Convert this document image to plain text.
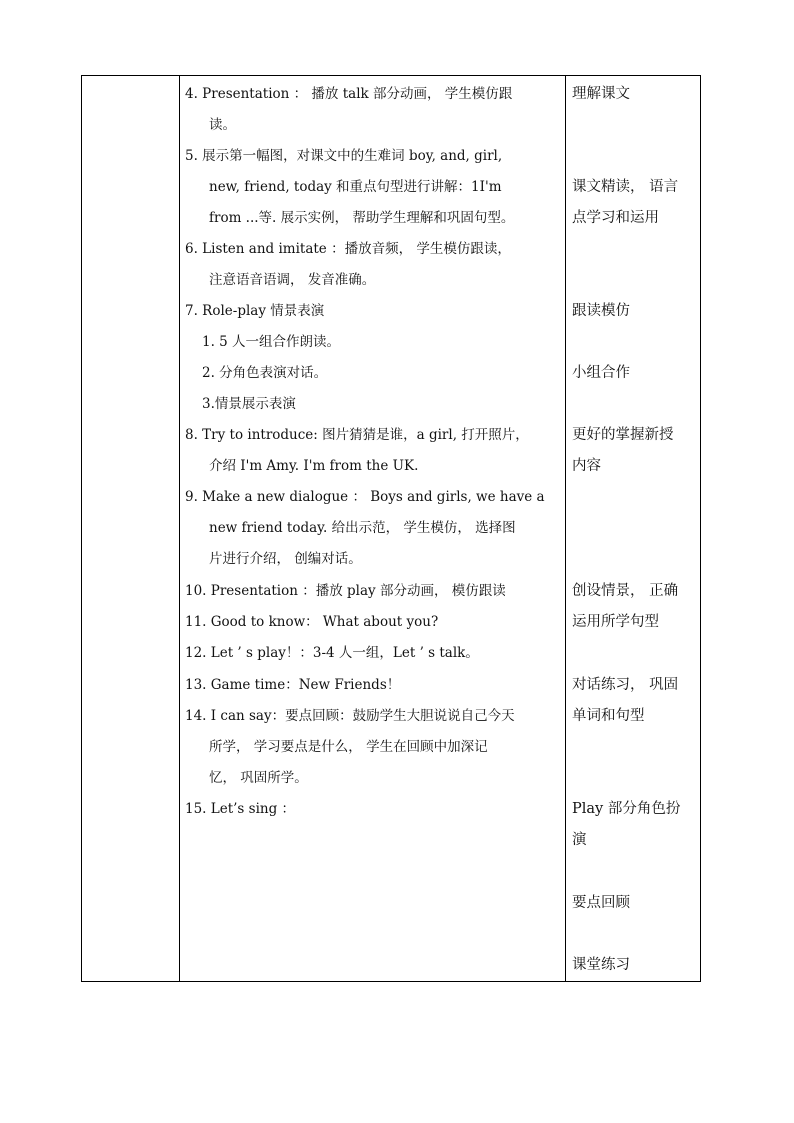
4. Presentation ： 播放 talk 部分动画， 学生模仿跟
读。
5. 展示第一幅图，对课文中的生难词 boy, and, girl,
new, friend, today 和重点句型进行讲解：1I'm
from ...等. 展示实例， 帮助学生理解和巩固句型。
6. Listen and imitate ：播放音频， 学生模仿跟读，
注意语音语调， 发音准确。
7. Role-play 情景表演
1. 5 人一组合作朗读。
2. 分角色表演对话。
3.情景展示表演
8. Try to introduce: 图片猜猜是谁，a girl, 打开照片，
介绍 I'm Amy. I'm from the UK.
9. Make a new dialogue ： Boys and girls, we have a
new friend today. 给出示范， 学生模仿， 选择图
片进行介绍， 创编对话。
10. Presentation ：播放 play 部分动画， 模仿跟读
11. Good to know： What about you?
12. Let ’ s play！：3-4 人一组，Let ’ s talk。
13. Game time：New Friends！
14. I can say：要点回顾：鼓励学生大胆说说自己今天
所学， 学习要点是什么， 学生在回顾中加深记
忆， 巩固所学。
15. Let’s sing ：
理解课文
课文精读， 语言
点学习和运用
跟读模仿
小组合作
更好的掌握新授
内容
创设情景， 正确
运用所学句型
对话练习， 巩固
单词和句型
Play 部分角色扮
演
要点回顾
课堂练习
